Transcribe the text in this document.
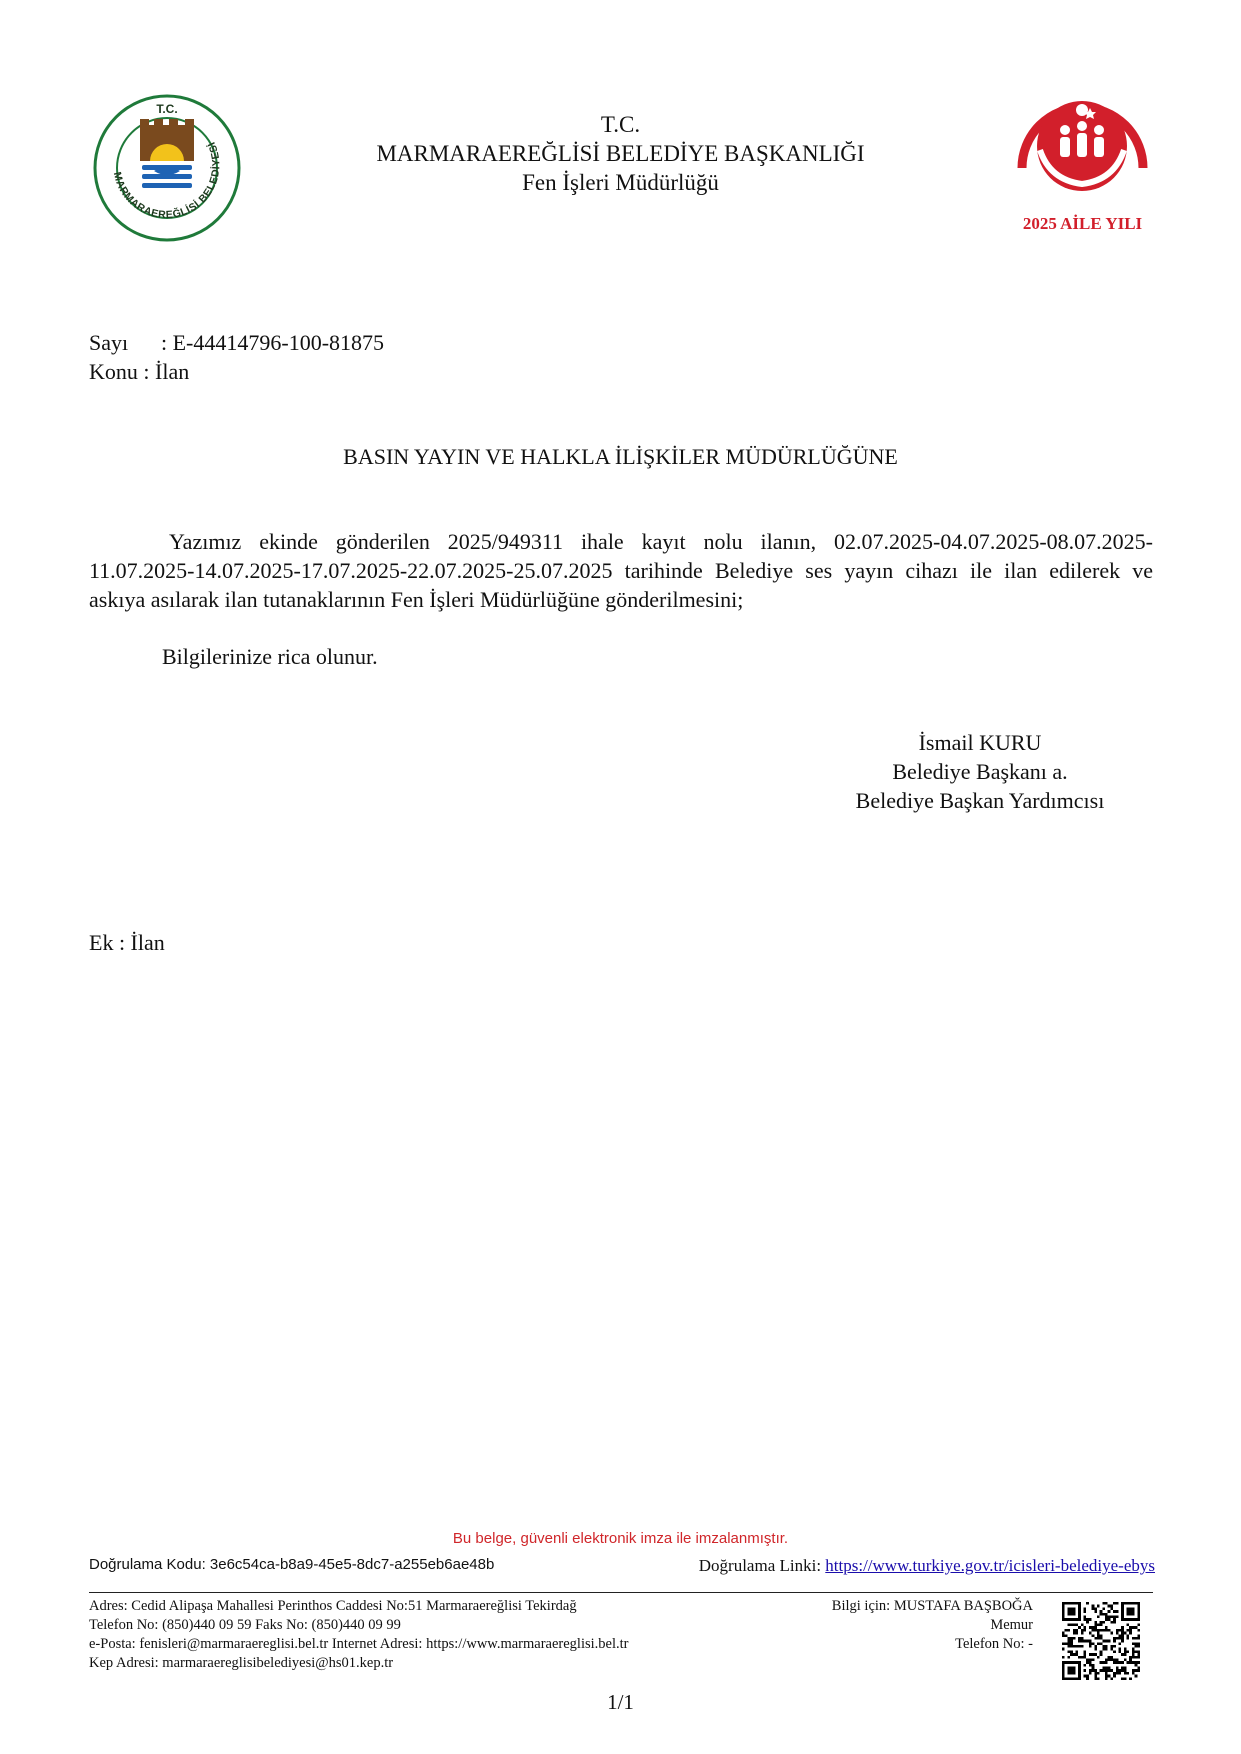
MARMARAEREĞLİSİ BELEDİYESİ
T.C.
T.C.
MARMARAEREĞLİSİ BELEDİYE BAŞKANLIĞI
Fen İşleri Müdürlüğü
2025 AİLE YILI
Sayı : E-44414796-100-81875
Konu : İlan
BASIN YAYIN VE HALKLA İLİŞKİLER MÜDÜRLÜĞÜNE
Yazımız ekinde gönderilen 2025/949311 ihale kayıt nolu ilanın, 02.07.2025-04.07.2025-08.07.2025-11.07.2025-14.07.2025-17.07.2025-22.07.2025-25.07.2025 tarihinde Belediye ses yayın cihazı ile ilan edilerek ve askıya asılarak ilan tutanaklarının Fen İşleri Müdürlüğüne gönderilmesini;
Bilgilerinize rica olunur.
İsmail KURU
Belediye Başkanı a.
Belediye Başkan Yardımcısı
Ek : İlan
Bu belge, güvenli elektronik imza ile imzalanmıştır.
Doğrulama Kodu: 3e6c54ca-b8a9-45e5-8dc7-a255eb6ae48b	Doğrulama Linki: https://www.turkiye.gov.tr/icisleri-belediye-ebys
Adres: Cedid Alipaşa Mahallesi Perinthos Caddesi No:51 Marmaraereğlisi Tekirdağ
Telefon No: (850)440 09 59 Faks No: (850)440 09 99
e-Posta: fenisleri@marmaraereglisi.bel.tr Internet Adresi: https://www.marmaraereglisi.bel.tr
Kep Adresi: marmaraereglisibelediyesi@hs01.kep.tr
Bilgi için: MUSTAFA BAŞBOĞA
Memur
Telefon No: -
1/1
